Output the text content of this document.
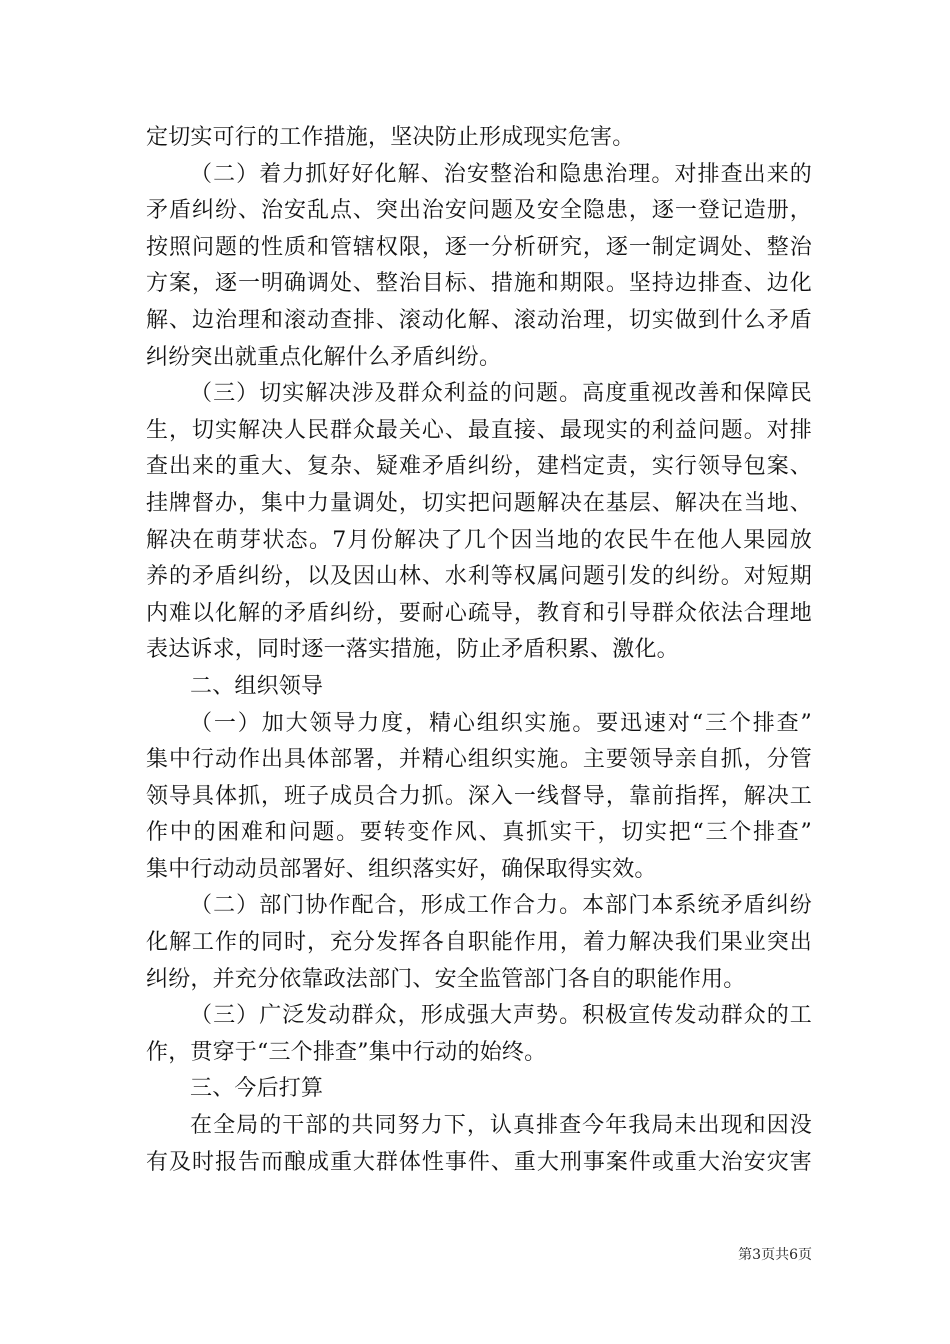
定切实可行的工作措施，坚决防止形成现实危害。
（二）着力抓好好化解、治安整治和隐患治理。对排查出来的
矛盾纠纷、治安乱点、突出治安问题及安全隐患，逐一登记造册，
按照问题的性质和管辖权限，逐一分析研究，逐一制定调处、整治
方案，逐一明确调处、整治目标、措施和期限。坚持边排查、边化
解、边治理和滚动查排、滚动化解、滚动治理，切实做到什么矛盾
纠纷突出就重点化解什么矛盾纠纷。
（三）切实解决涉及群众利益的问题。高度重视改善和保障民
生，切实解决人民群众最关心、最直接、最现实的利益问题。对排
查出来的重大、复杂、疑难矛盾纠纷，建档定责，实行领导包案、
挂牌督办，集中力量调处，切实把问题解决在基层、解决在当地、
解决在萌芽状态。7月份解决了几个因当地的农民牛在他人果园放
养的矛盾纠纷，以及因山林、水利等权属问题引发的纠纷。对短期
内难以化解的矛盾纠纷，要耐心疏导，教育和引导群众依法合理地
表达诉求，同时逐一落实措施，防止矛盾积累、激化。
二、组织领导
（一）加大领导力度，精心组织实施。要迅速对“三个排查”
集中行动作出具体部署，并精心组织实施。主要领导亲自抓，分管
领导具体抓，班子成员合力抓。深入一线督导，靠前指挥，解决工
作中的困难和问题。要转变作风、真抓实干，切实把“三个排查”
集中行动动员部署好、组织落实好，确保取得实效。
（二）部门协作配合，形成工作合力。本部门本系统矛盾纠纷
化解工作的同时，充分发挥各自职能作用，着力解决我们果业突出
纠纷，并充分依靠政法部门、安全监管部门各自的职能作用。
（三）广泛发动群众，形成强大声势。积极宣传发动群众的工
作，贯穿于“三个排查”集中行动的始终。
三、今后打算
在全局的干部的共同努力下，认真排查今年我局未出现和因没
有及时报告而酿成重大群体性事件、重大刑事案件或重大治安灾害
第3页共6页
